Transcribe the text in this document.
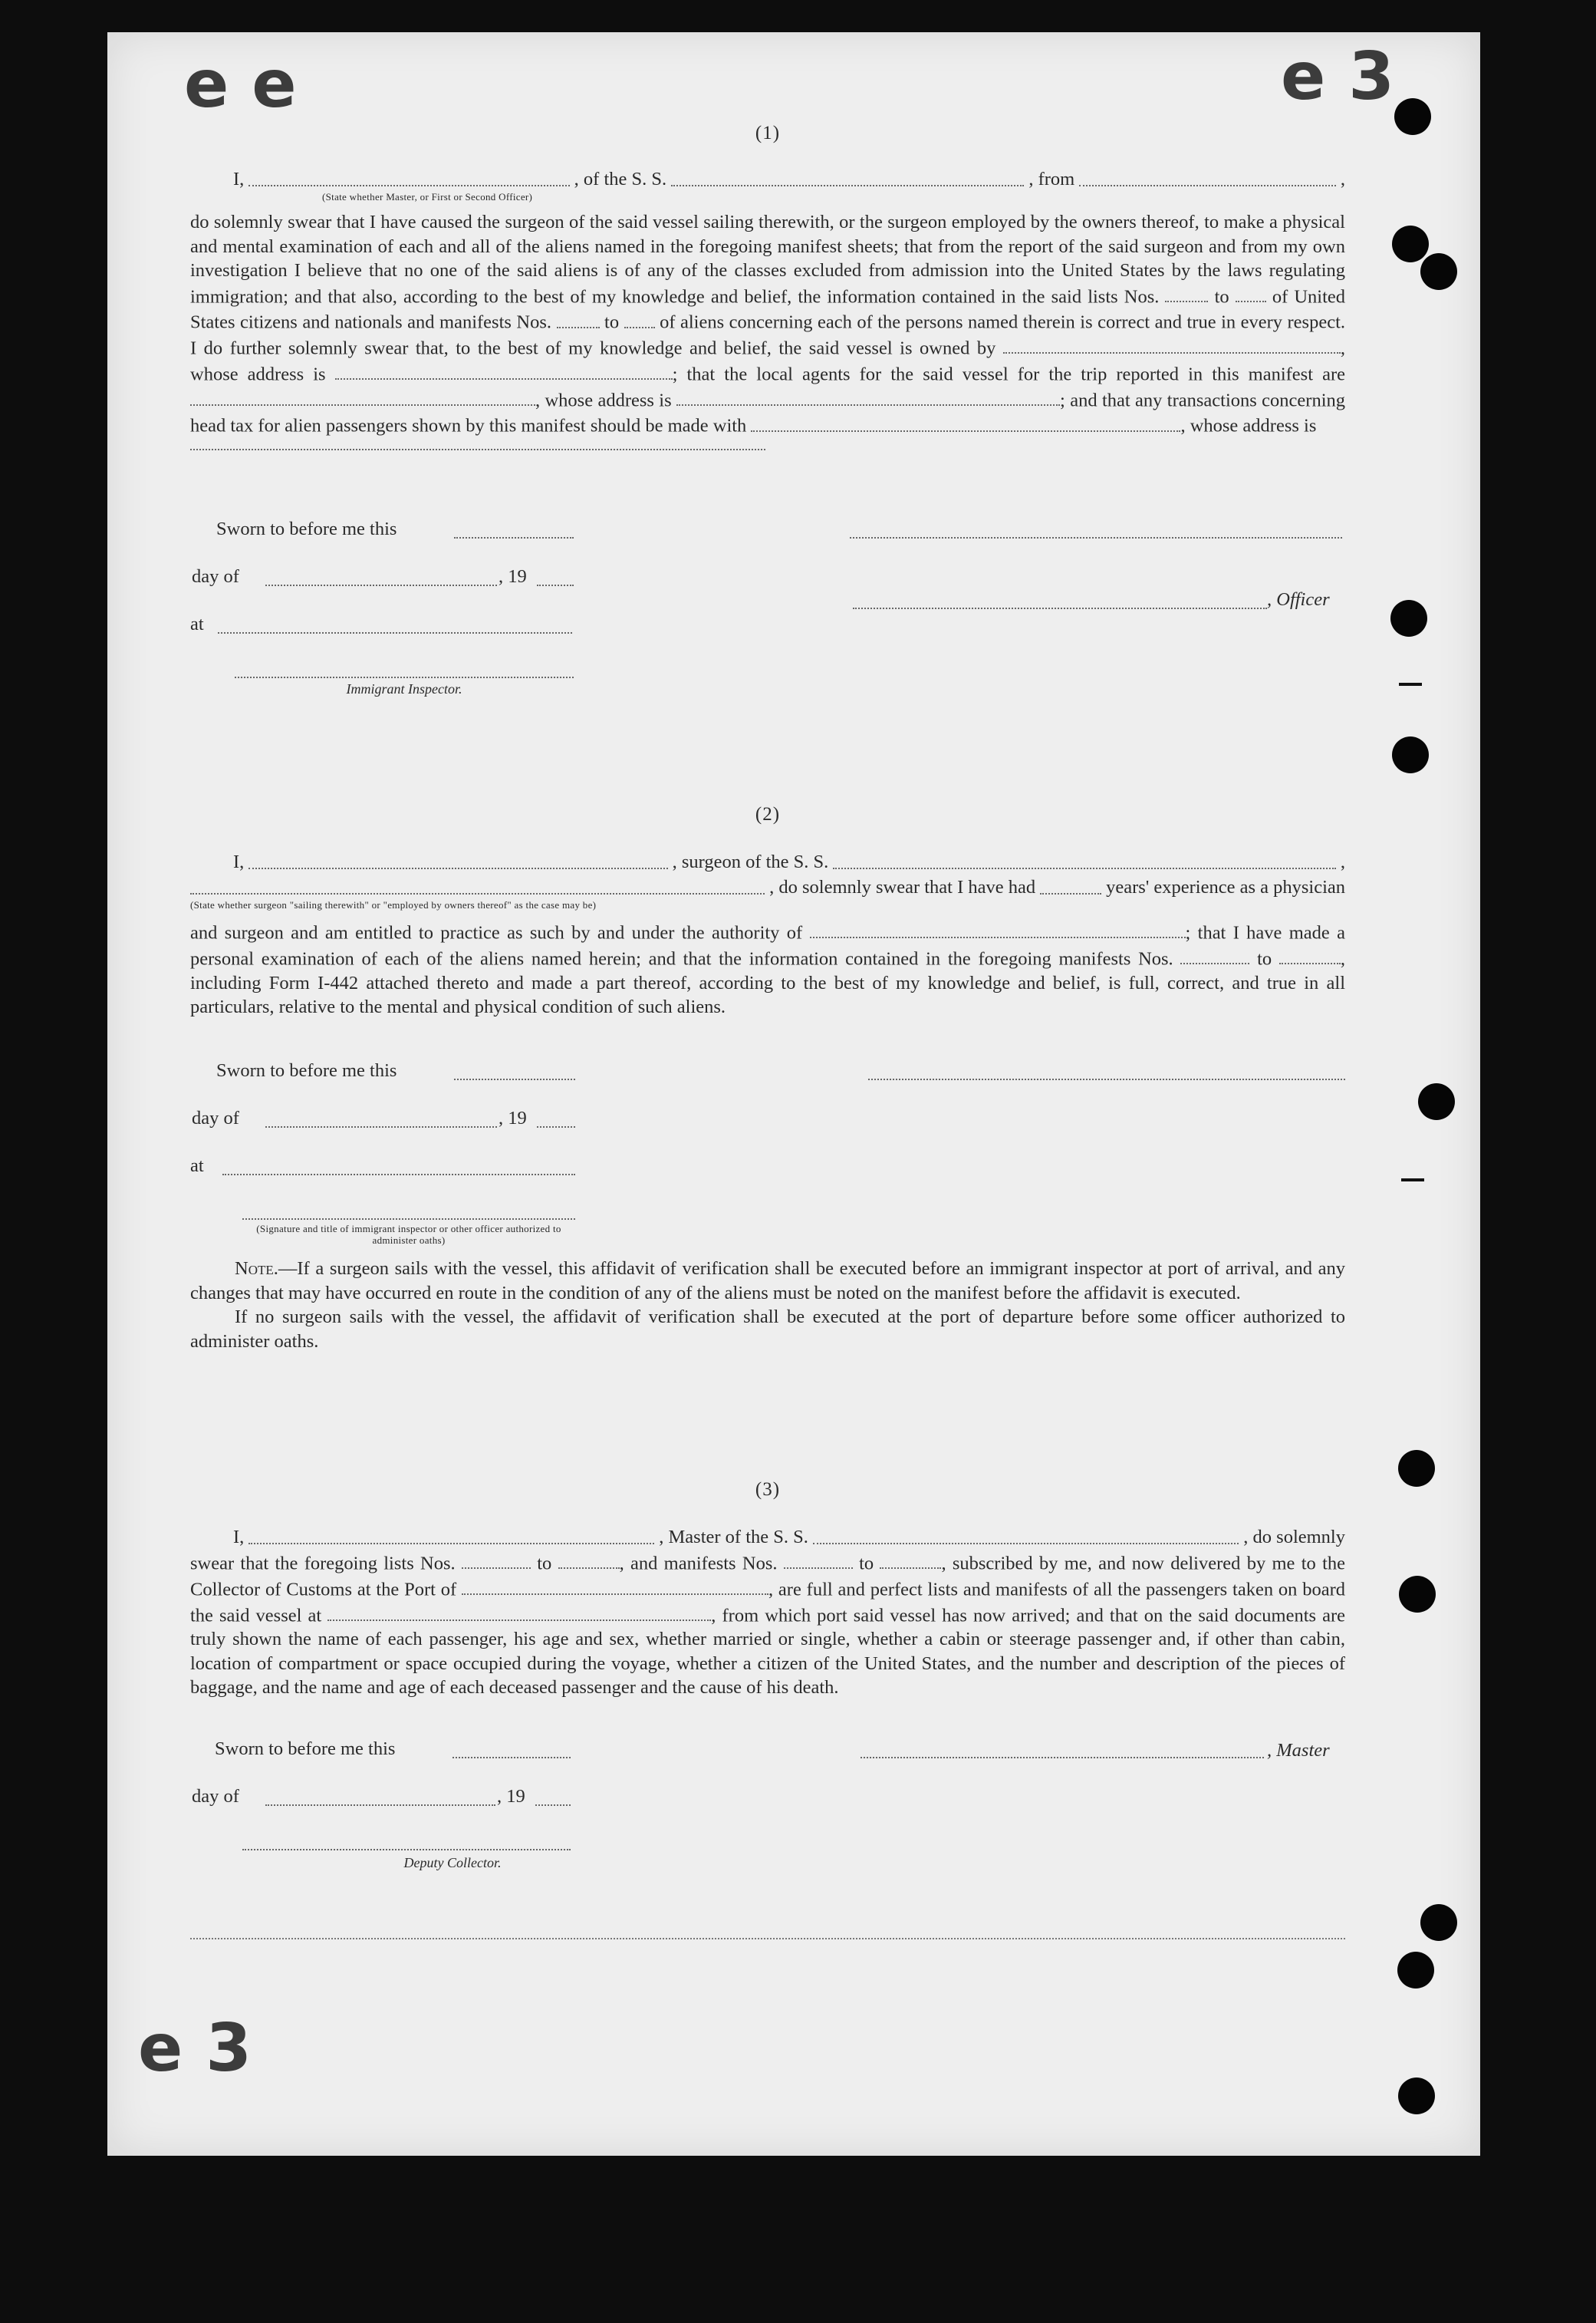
e e	e 3
e 3
(1)
I,	, of the S. S.	, from	,
(State whether Master, or First or Second Officer)

do solemnly swear that I have caused the surgeon of the said vessel sailing therewith, or the surgeon employed by the owners thereof, to make a physical and mental examination of each and all of the aliens named in the foregoing manifest sheets; that from the report of the said surgeon and from my own investigation I believe that no one of the said aliens is of any of the classes excluded from admission into the United States by the laws regulating immigration; and that also, according to the best of my knowledge and belief, the information contained in the said lists Nos.	to of United States citizens and nationals and manifests Nos.	to of aliens concerning each of the persons named therein is correct and true in every respect. I do further solemnly swear that, to the best of my knowledge and belief, the said vessel is owned by	, whose address is	; that the local agents for the said vessel for the trip reported in this manifest are , whose address is	; and that any transactions concerning head tax for alien passengers shown by this manifest should be made with	, whose address is

Sworn to before me this
day of	, 19
, Officer
at
Immigrant Inspector.
(2)
I,	, surgeon of the S. S.	,
, do solemnly swear that I have had	years' experience as a physician
(State whether surgeon "sailing therewith" or "employed by owners thereof" as the case may be)

and surgeon and am entitled to practice as such by and under the authority of	; that I have made a personal examination of each of the aliens named herein; and that the information contained in the foregoing manifests Nos.	to	, including Form I-442 attached thereto and made a part thereof, according to the best of my knowledge and belief, is full, correct, and true in all particulars, relative to the mental and physical condition of such aliens.

Sworn to before me this
day of	, 19
at
(Signature and title of immigrant inspector or other officer authorized to administer oaths)

Note.—If a surgeon sails with the vessel, this affidavit of verification shall be executed before an immigrant inspector at port of arrival, and any changes that may have occurred en route in the condition of any of the aliens must be noted on the manifest before the affidavit is executed.

If no surgeon sails with the vessel, the affidavit of verification shall be executed at the port of departure before some officer authorized to administer oaths.

(3)
I,	, Master of the S. S.	, do solemnly

swear that the foregoing lists Nos.	to	, and manifests Nos.	to	, subscribed by me, and now delivered by me to the Collector of Customs at the Port of	, are full and perfect lists and manifests of all the passengers taken on board the said vessel at	, from which port said vessel has now arrived; and that on the said documents are truly shown the name of each passenger, his age and sex, whether married or single, whether a cabin or steerage passenger and, if other than cabin, location of compartment or space occupied during the voyage, whether a citizen of the United States, and the number and description of the pieces of baggage, and the name and age of each deceased passenger and the cause of his death.

Sworn to before me this	, Master
day of	, 19
Deputy Collector.
